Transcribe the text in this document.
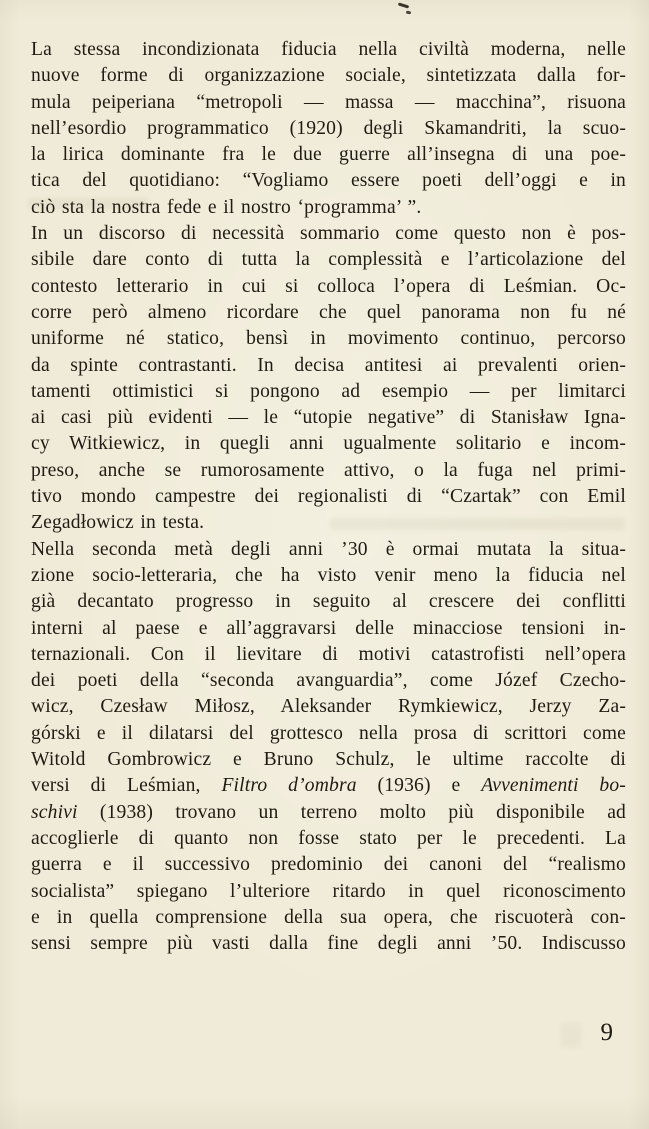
La stessa incondizionata fiducia nella civiltà moderna, nelle
nuove forme di organizzazione sociale, sintetizzata dalla for-
mula peiperiana “metropoli — massa — macchina”, risuona
nell’esordio programmatico (1920) degli Skamandriti, la scuo-
la lirica dominante fra le due guerre all’insegna di una poe-
tica del quotidiano: “Vogliamo essere poeti dell’oggi e in
ciò sta la nostra fede e il nostro ‘programma’ ”.
In un discorso di necessità sommario come questo non è pos-
sibile dare conto di tutta la complessità e l’articolazione del
contesto letterario in cui si colloca l’opera di Leśmian. Oc-
corre però almeno ricordare che quel panorama non fu né
uniforme né statico, bensì in movimento continuo, percorso
da spinte contrastanti. In decisa antitesi ai prevalenti orien-
tamenti ottimistici si pongono ad esempio — per limitarci
ai casi più evidenti — le “utopie negative” di Stanisław Igna-
cy Witkiewicz, in quegli anni ugualmente solitario e incom-
preso, anche se rumorosamente attivo, o la fuga nel primi-
tivo mondo campestre dei regionalisti di “Czartak” con Emil
Zegadłowicz in testa.
Nella seconda metà degli anni ’30 è ormai mutata la situa-
zione socio-letteraria, che ha visto venir meno la fiducia nel
già decantato progresso in seguito al crescere dei conflitti
interni al paese e all’aggravarsi delle minacciose tensioni in-
ternazionali. Con il lievitare di motivi catastrofisti nell’opera
dei poeti della “seconda avanguardia”, come Józef Czecho-
wicz, Czesław Miłosz, Aleksander Rymkiewicz, Jerzy Za-
górski e il dilatarsi del grottesco nella prosa di scrittori come
Witold Gombrowicz e Bruno Schulz, le ultime raccolte di
versi di Leśmian, Filtro d’ombra (1936) e Avvenimenti bo-
schivi (1938) trovano un terreno molto più disponibile ad
accoglierle di quanto non fosse stato per le precedenti. La
guerra e il successivo predominio dei canoni del “realismo
socialista” spiegano l’ulteriore ritardo in quel riconoscimento
e in quella comprensione della sua opera, che riscuoterà con-
sensi sempre più vasti dalla fine degli anni ’50. Indiscusso
9
